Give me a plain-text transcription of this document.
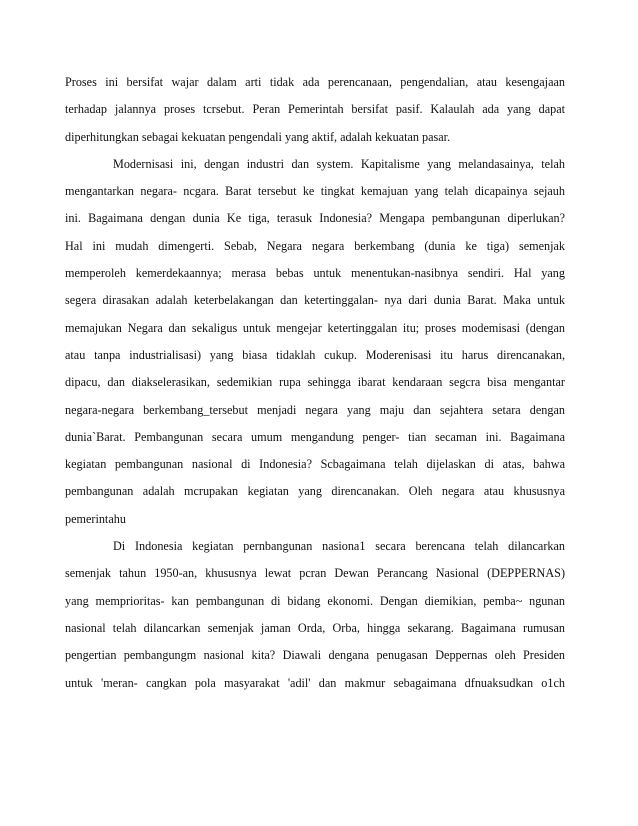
Proses ini bersifat wajar dalam arti tidak ada perencanaan, pengendalian, atau kesengajaan
terhadap jalannya proses tcrsebut. Peran Pemerintah bersifat pasif. Kalaulah ada yang dapat
diperhitungkan sebagai kekuatan pengendali yang aktif, adalah kekuatan pasar.
Modernisasi ini, dengan industri dan system. Kapitalisme yang melandasainya, telah
mengantarkan negara- ncgara. Barat tersebut ke tingkat kemajuan yang telah dicapainya sejauh
ini. Bagaimana dengan dunia Ke tiga, terasuk Indonesia? Mengapa pembangunan diperlukan?
Hal ini mudah dimengerti. Sebab, Negara negara berkembang (dunia ke tiga) semenjak
memperoleh kemerdekaannya; merasa bebas untuk menentukan-nasibnya sendiri. Hal yang
segera dirasakan adalah keterbelakangan dan ketertinggalan- nya dari dunia Barat. Maka untuk
memajukan Negara dan sekaligus untuk mengejar ketertinggalan itu; proses modemisasi (dengan
atau tanpa industrialisasi) yang biasa tidaklah cukup. Moderenisasi itu harus direncanakan,
dipacu, dan diakselerasikan, sedemikian rupa sehingga ibarat kendaraan segcra bisa mengantar
negara-negara berkembang_tersebut menjadi negara yang maju dan sejahtera setara dengan
dunia`Barat. Pembangunan secara umum mengandung penger- tian secaman ini. Bagaimana
kegiatan pembangunan nasional di Indonesia? Scbagaimana telah dijelaskan di atas, bahwa
pembangunan adalah mcrupakan kegiatan yang direncanakan. Oleh negara atau khususnya
pemerintahu
Di Indonesia kegiatan pernbangunan nasiona1 secara berencana telah dilancarkan
semenjak tahun 1950-an, khususnya lewat pcran Dewan Perancang Nasional (DEPPERNAS)
yang memprioritas- kan pembangunan di bidang ekonomi. Dengan diemikian, pemba~ ngunan
nasional telah dilancarkan semenjak jaman Orda, Orba, hingga sekarang. Bagaimana rumusan
pengertian pembangungm nasional kita? Diawali dengana penugasan Deppernas oleh Presiden
untuk 'meran- cangkan pola masyarakat 'adil' dan makmur sebagaimana dfnuaksudkan o1ch
